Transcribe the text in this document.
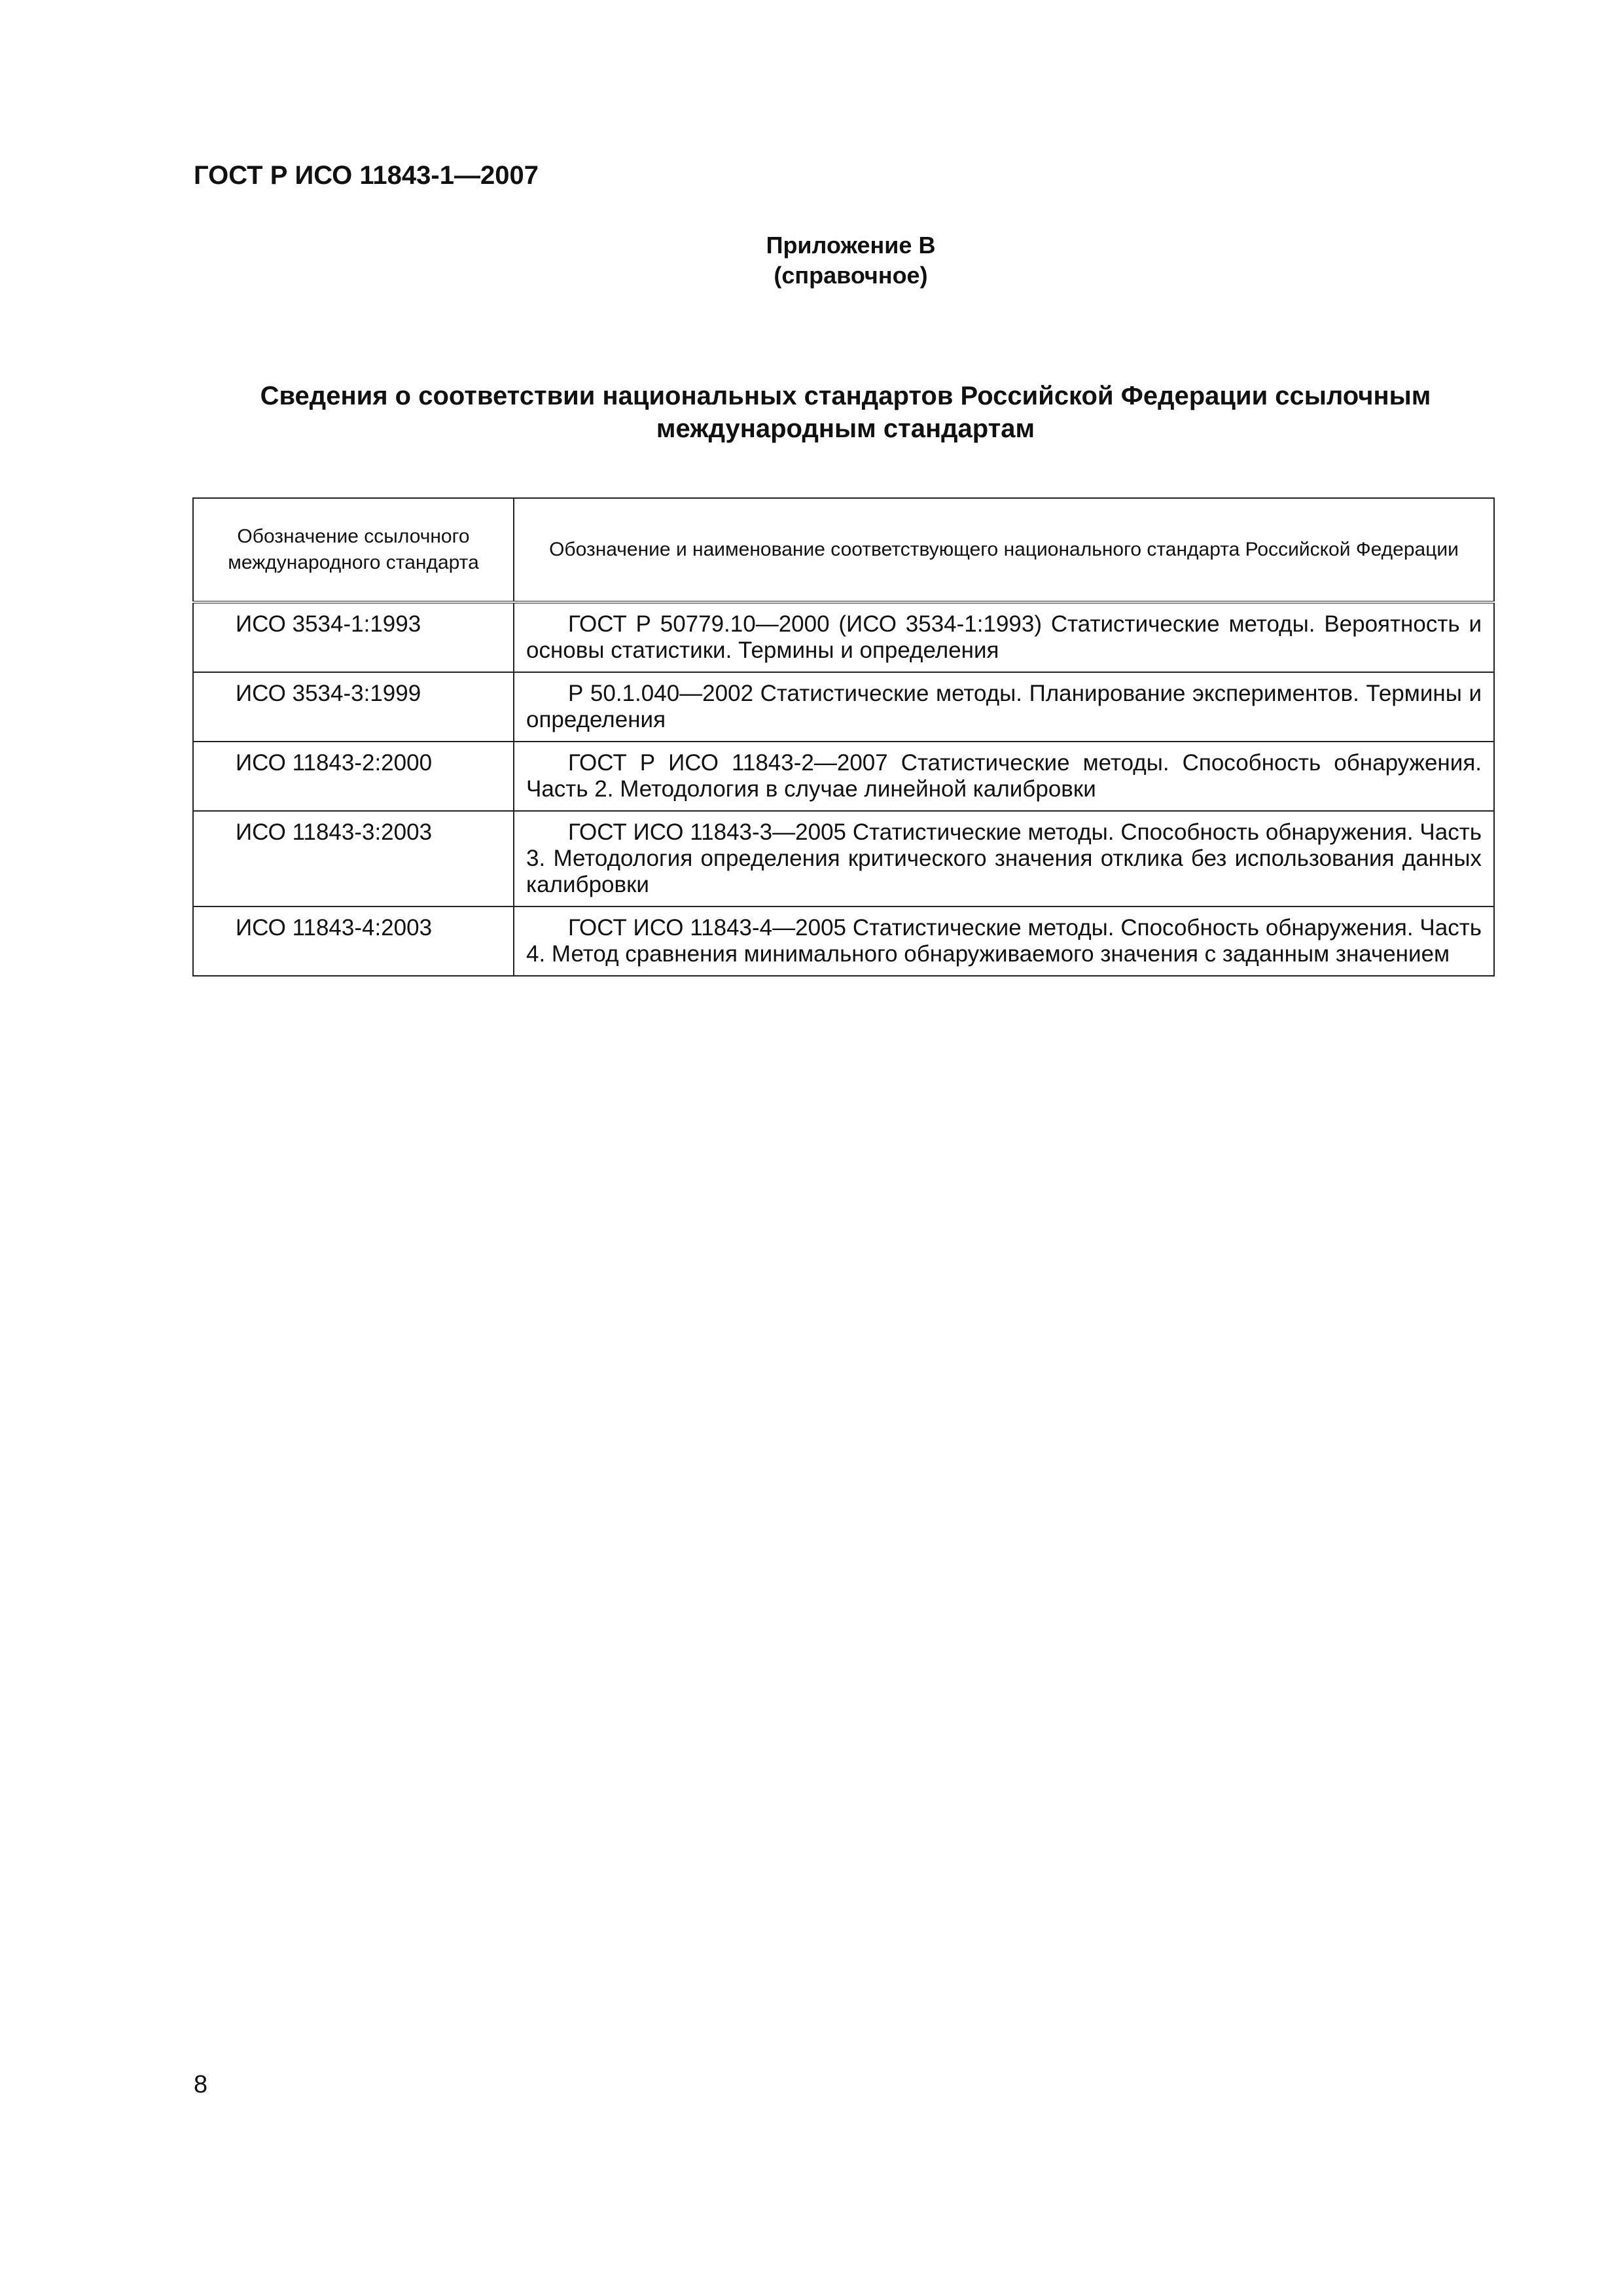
ГОСТ Р ИСО 11843-1—2007
Приложение В
(справочное)
Сведения о соответствии национальных стандартов Российской Федерации ссылочным
международным стандартам
Обозначение ссылочного международного стандарта	Обозначение и наименование соответствующего национального стандарта Российской Федерации
ИСО 3534-1:1993	ГОСТ Р 50779.10—2000 (ИСО 3534-1:1993) Статистические методы. Вероятность и основы статистики. Термины и определения
ИСО 3534-3:1999	Р 50.1.040—2002 Статистические методы. Планирование экспериментов. Термины и определения
ИСО 11843-2:2000	ГОСТ Р ИСО 11843-2—2007 Статистические методы. Способность обнаружения. Часть 2. Методология в случае линейной калибровки
ИСО 11843-3:2003	ГОСТ ИСО 11843-3—2005 Статистические методы. Способность обнаружения. Часть 3. Методология определения критического значения отклика без использования данных калибровки
ИСО 11843-4:2003	ГОСТ ИСО 11843-4—2005 Статистические методы. Способность обнаружения. Часть 4. Метод сравнения минимального обнаруживаемого значения с заданным значением

8
